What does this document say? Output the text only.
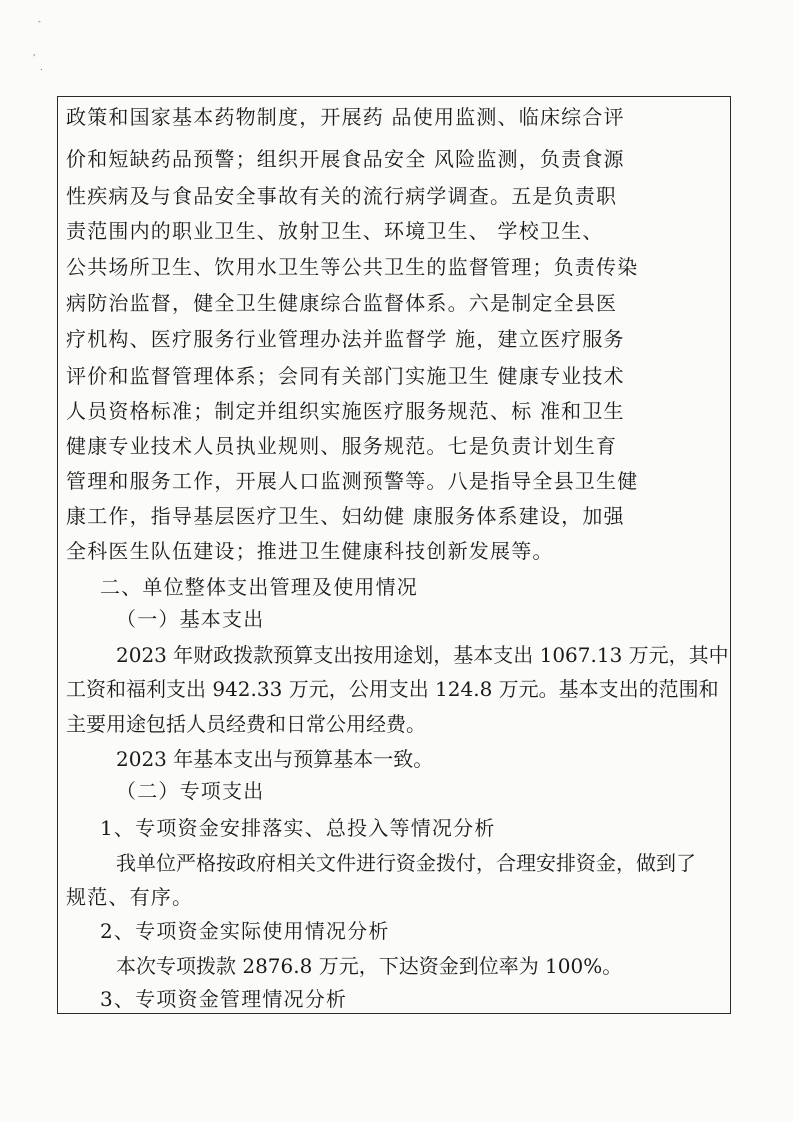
-
'
.
政策和国家基本药物制度，开展药 品使用监测、临床综合评
价和短缺药品预警；组织开展食品安全 风险监测，负责食源
性疾病及与食品安全事故有关的流行病学调查。五是负责职
责范围内的职业卫生、放射卫生、环境卫生、 学校卫生、
公共场所卫生、饮用水卫生等公共卫生的监督管理；负责传染
病防治监督，健全卫生健康综合监督体系。六是制定全县医
疗机构、医疗服务行业管理办法并监督学 施，建立医疗服务
评价和监督管理体系；会同有关部门实施卫生 健康专业技术
人员资格标准；制定并组织实施医疗服务规范、标 准和卫生
健康专业技术人员执业规则、服务规范。七是负责计划生育
管理和服务工作，开展人口监测预警等。八是指导全县卫生健
康工作，指导基层医疗卫生、妇幼健 康服务体系建设，加强
全科医生队伍建设；推进卫生健康科技创新发展等。
二、单位整体支出管理及使用情况
（一）基本支出
2023 年财政拨款预算支出按用途划，基本支出 1067.13 万元，其中
工资和福利支出 942.33 万元，公用支出 124.8 万元。基本支出的范围和
主要用途包括人员经费和日常公用经费。
2023 年基本支出与预算基本一致。
（二）专项支出
1、专项资金安排落实、总投入等情况分析
我单位严格按政府相关文件进行资金拨付，合理安排资金，做到了
规范、有序。
2、专项资金实际使用情况分析
本次专项拨款 2876.8 万元，下达资金到位率为 100%。
3、专项资金管理情况分析
